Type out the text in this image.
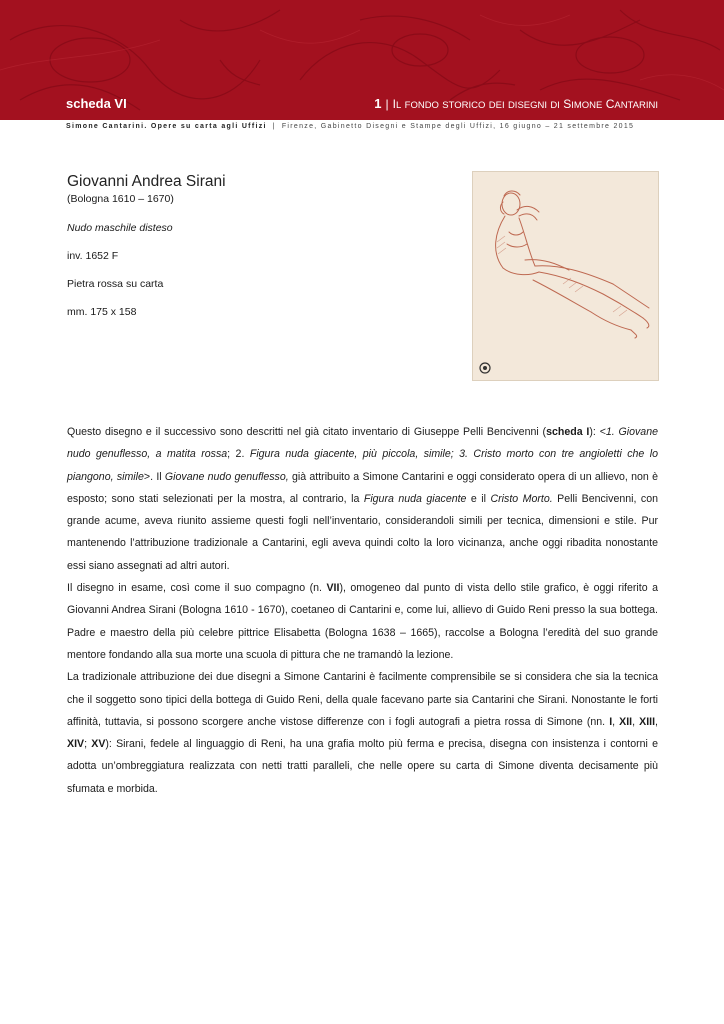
scheda VI	1 | IL FONDO STORICO DEI DISEGNI DI SIMONE CANTARINI
Simone Cantarini. Opere su carta agli Uffizi | Firenze, Gabinetto Disegni e Stampe degli Uffizi, 16 giugno – 21 settembre 2015
Giovanni Andrea Sirani
(Bologna 1610 – 1670)
Nudo maschile disteso
inv. 1652 F
Pietra rossa su carta
mm. 175 x 158

Questo disegno e il successivo sono descritti nel già citato inventario di Giuseppe Pelli Bencivenni (scheda I): <1. Giovane nudo genuflesso, a matita rossa; 2. Figura nuda giacente, più piccola, simile; 3. Cristo morto con tre angioletti che lo piangono, simile>. Il Giovane nudo genuflesso, già attribuito a Simone Cantarini e oggi considerato opera di un allievo, non è esposto; sono stati selezionati per la mostra, al contrario, la Figura nuda giacente e il Cristo Morto. Pelli Bencivenni, con grande acume, aveva riunito assieme questi fogli nell’inventario, considerandoli simili per tecnica, dimensioni e stile. Pur mantenendo l’attribuzione tradizionale a Cantarini, egli aveva quindi colto la loro vicinanza, anche oggi ribadita nonostante essi siano assegnati ad altri autori.

Il disegno in esame, così come il suo compagno (n. VII), omogeneo dal punto di vista dello stile grafico, è oggi riferito a Giovanni Andrea Sirani (Bologna 1610 - 1670), coetaneo di Cantarini e, come lui, allievo di Guido Reni presso la sua bottega. Padre e maestro della più celebre pittrice Elisabetta (Bologna 1638 – 1665), raccolse a Bologna l’eredità del suo grande mentore fondando alla sua morte una scuola di pittura che ne tramandò la lezione.

La tradizionale attribuzione dei due disegni a Simone Cantarini è facilmente comprensibile se si considera che sia la tecnica che il soggetto sono tipici della bottega di Guido Reni, della quale facevano parte sia Cantarini che Sirani. Nonostante le forti affinità, tuttavia, si possono scorgere anche vistose differenze con i fogli autografi a pietra rossa di Simone (nn. I, XII, XIII, XIV; XV): Sirani, fedele al linguaggio di Reni, ha una grafia molto più ferma e precisa, disegna con insistenza i contorni e adotta un’ombreggiatura realizzata con netti tratti paralleli, che nelle opere su carta di Simone diventa decisamente più sfumata e morbida.
